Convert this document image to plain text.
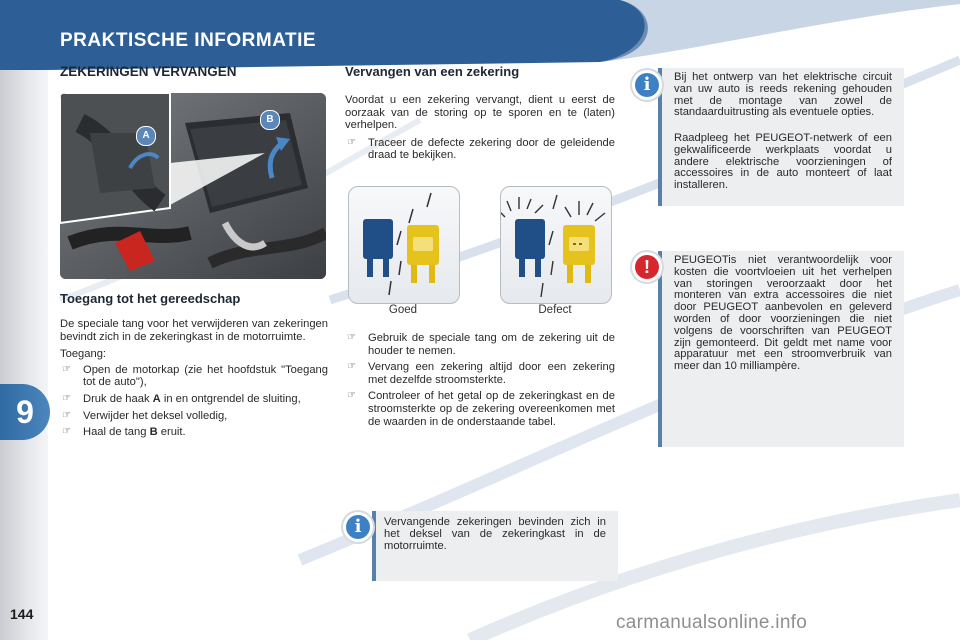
PRAKTISCHE INFORMATIE
9
144
ZEKERINGEN VERVANGEN
A
B
Toegang tot het gereedschap

De speciale tang voor het verwijderen van zekeringen bevindt zich in de zekeringkast in de motorruimte.

Toegang:

☞ Open de motorkap (zie het hoofdstuk "Toegang tot de auto"),
☞ Druk de haak A in en ontgrendel de sluiting,
☞ Verwijder het deksel volledig,
☞ Haal de tang B eruit.
Vervangen van een zekering

Voordat u een zekering vervangt, dient u eerst de oorzaak van de storing op te sporen en te (laten) verhelpen.

☞ Traceer de defecte zekering door de geleidende draad te bekijken.
Goed	Defect
☞ Gebruik de speciale tang om de zekering uit de houder te nemen.
☞ Vervang een zekering altijd door een zekering met dezelfde stroomsterkte.
☞ Controleer of het getal op de zekeringkast en de stroomsterkte op de zekering overeenkomen met de waarden in de onderstaande tabel.

Vervangende zekeringen bevinden zich in het deksel van de zekeringkast in de motorruimte.

i

Bij het ontwerp van het elektrische circuit van uw auto is reeds rekening gehouden met de montage van zowel de standaarduitrusting als eventuele opties.

Raadpleeg het PEUGEOT-netwerk of een gekwalificeerde werkplaats voordat u andere elektrische voorzieningen of accessoires in de auto monteert of laat installeren.

i

PEUGEOTis niet verantwoordelijk voor kosten die voortvloeien uit het verhelpen van storingen veroorzaakt door het monteren van extra accessoires die niet door PEUGEOT aanbevolen en geleverd worden of door voorzieningen die niet volgens de voorschriften van PEUGEOT zijn gemonteerd. Dit geldt met name voor apparatuur met een stroomverbruik van meer dan 10 milliampère.

!
carmanualsonline.info
